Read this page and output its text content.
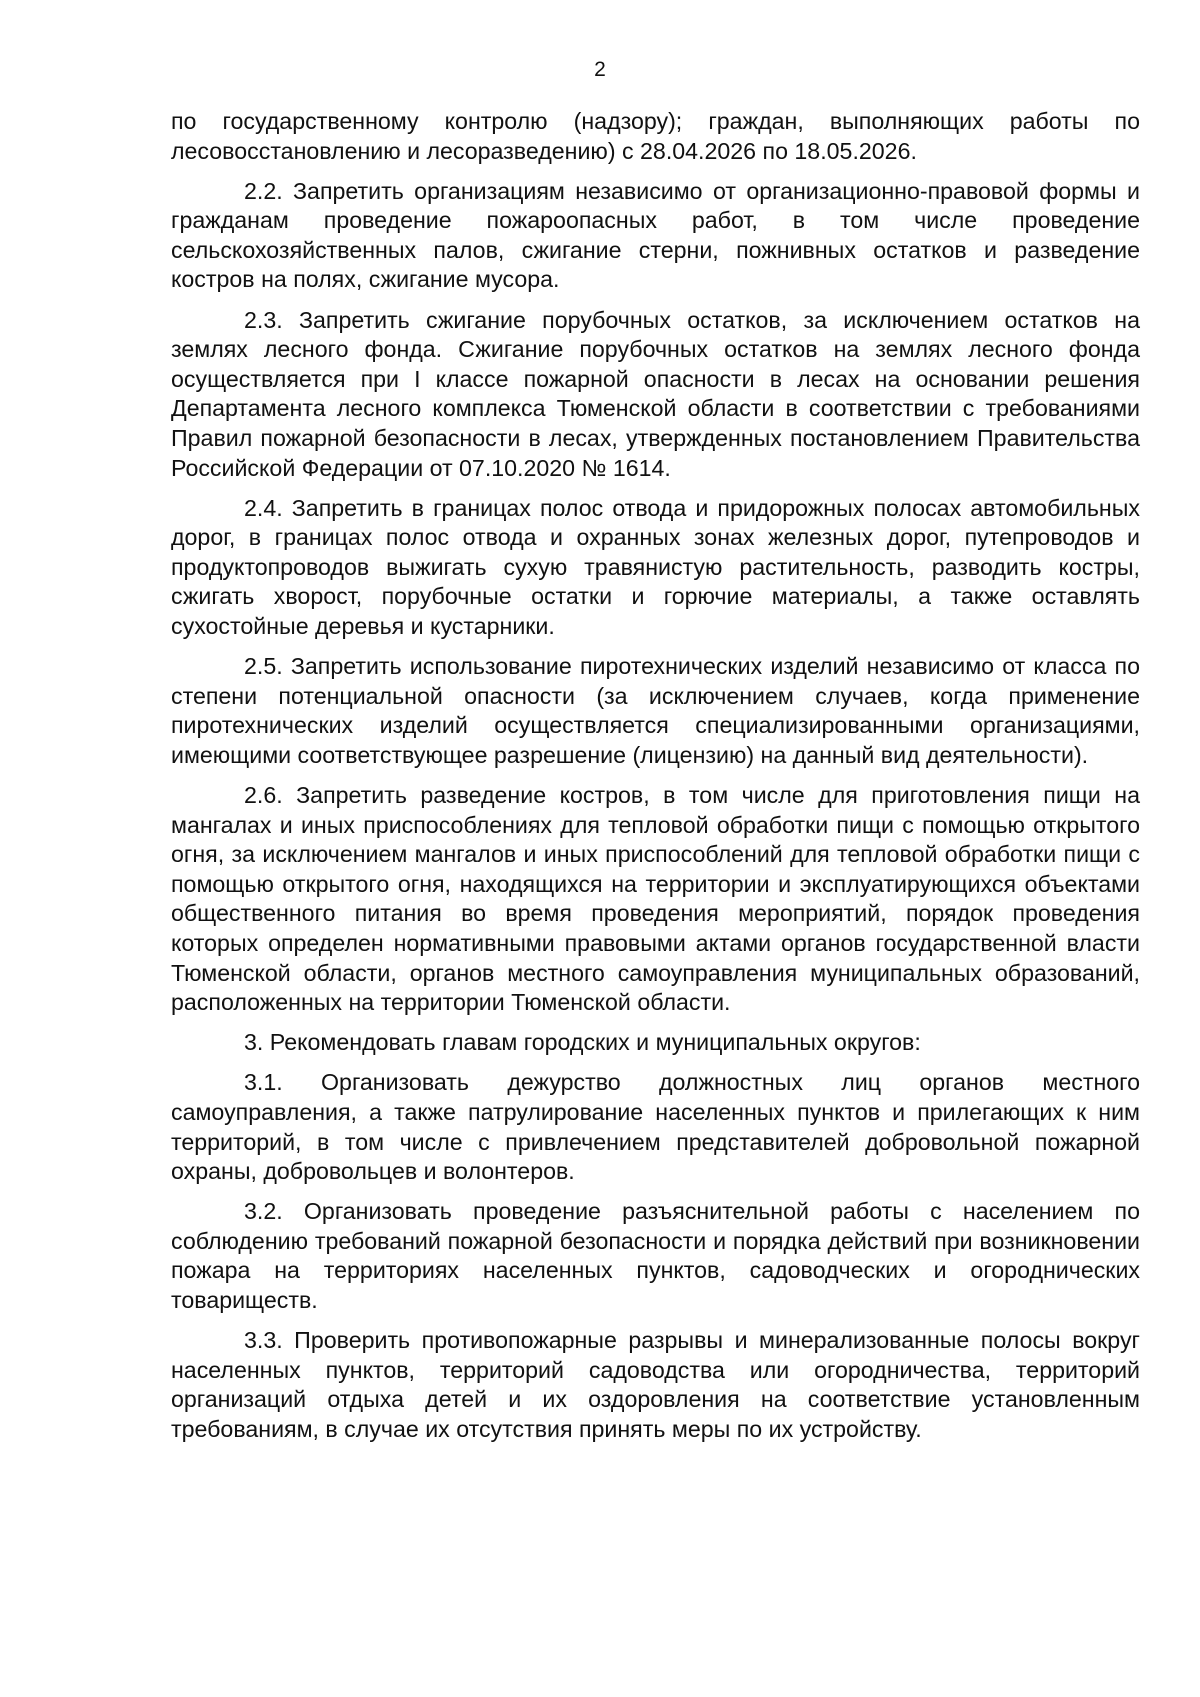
2

по государственному контролю (надзору); граждан, выполняющих работы по лесовосстановлению и лесоразведению) с 28.04.2026 по 18.05.2026.

2.2. Запретить организациям независимо от организационно-правовой формы и гражданам проведение пожароопасных работ, в том числе проведение сельскохозяйственных палов, сжигание стерни, пожнивных остатков и разведение костров на полях, сжигание мусора.

2.3. Запретить сжигание порубочных остатков, за исключением остатков на землях лесного фонда. Сжигание порубочных остатков на землях лесного фонда осуществляется при I классе пожарной опасности в лесах на основании решения Департамента лесного комплекса Тюменской области в соответствии с требованиями Правил пожарной безопасности в лесах, утвержденных постановлением Правительства Российской Федерации от 07.10.2020 № 1614.

2.4. Запретить в границах полос отвода и придорожных полосах автомобильных дорог, в границах полос отвода и охранных зонах железных дорог, путепроводов и продуктопроводов выжигать сухую травянистую растительность, разводить костры, сжигать хворост, порубочные остатки и горючие материалы, а также оставлять сухостойные деревья и кустарники.

2.5. Запретить использование пиротехнических изделий независимо от класса по степени потенциальной опасности (за исключением случаев, когда применение пиротехнических изделий осуществляется специализированными организациями, имеющими соответствующее разрешение (лицензию) на данный вид деятельности).

2.6. Запретить разведение костров, в том числе для приготовления пищи на мангалах и иных приспособлениях для тепловой обработки пищи с помощью открытого огня, за исключением мангалов и иных приспособлений для тепловой обработки пищи с помощью открытого огня, находящихся на территории и эксплуатирующихся объектами общественного питания во время проведения мероприятий, порядок проведения которых определен нормативными правовыми актами органов государственной власти Тюменской области, органов местного самоуправления муниципальных образований, расположенных на территории Тюменской области.

3. Рекомендовать главам городских и муниципальных округов:

3.1. Организовать дежурство должностных лиц органов местного самоуправления, а также патрулирование населенных пунктов и прилегающих к ним территорий, в том числе с привлечением представителей добровольной пожарной охраны, добровольцев и волонтеров.

3.2. Организовать проведение разъяснительной работы с населением по соблюдению требований пожарной безопасности и порядка действий при возникновении пожара на территориях населенных пунктов, садоводческих и огороднических товариществ.

3.3. Проверить противопожарные разрывы и минерализованные полосы вокруг населенных пунктов, территорий садоводства или огородничества, территорий организаций отдыха детей и их оздоровления на соответствие установленным требованиям, в случае их отсутствия принять меры по их устройству.
